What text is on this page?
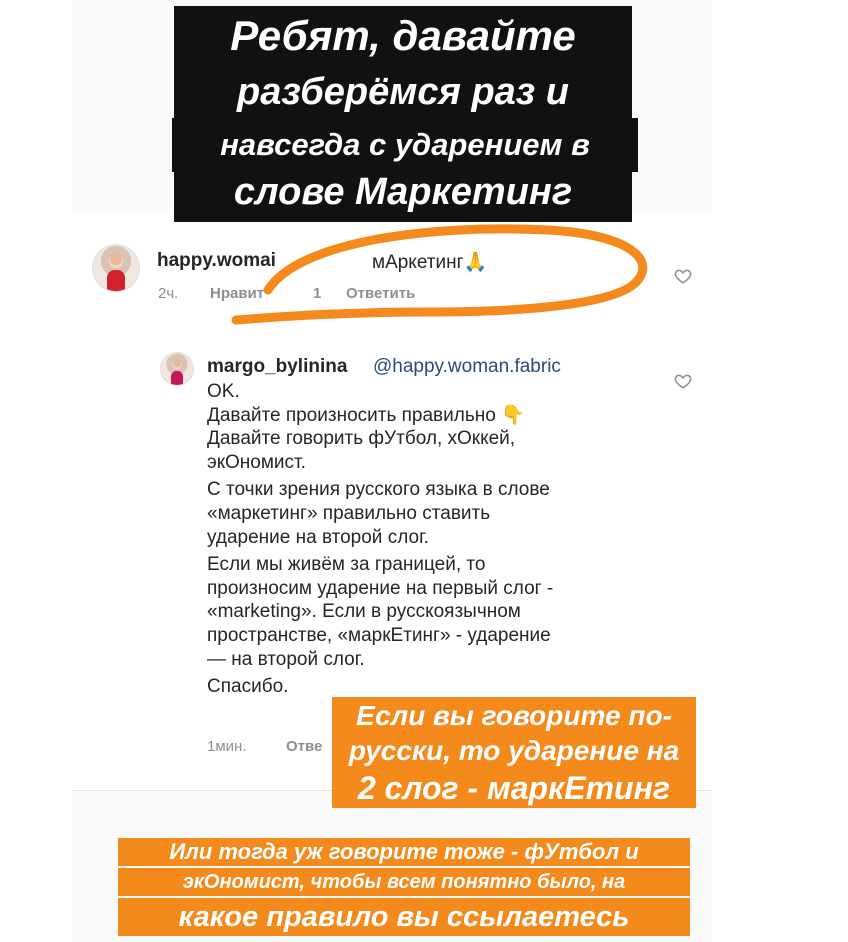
Ребят, давайте
разберёмся раз и
навсегда с ударением в
слове Маркетинг
happy.womai	мАркетинг🙏
2ч. Нравит	1 Ответить
margo_bylinina @happy.woman.fabric
OK.
Давайте произносить правильно 👇
Давайте говорить фУтбол, хОккей,
экОномист.
С точки зрения русского языка в слове
«маркетинг» правильно ставить
ударение на второй слог.
Если мы живём за границей, то
произносим ударение на первый слог -
«marketing». Если в русскоязычном
пространстве, «маркЕтинг» - ударение
— на второй слог.
Спасибо.
1мин.	Отве
Если вы говорите по-
русски, то ударение на
2 слог - маркЕтинг
Или тогда уж говорите тоже - фУтбол и
экОномист, чтобы всем понятно было, на
какое правило вы ссылаетесь
